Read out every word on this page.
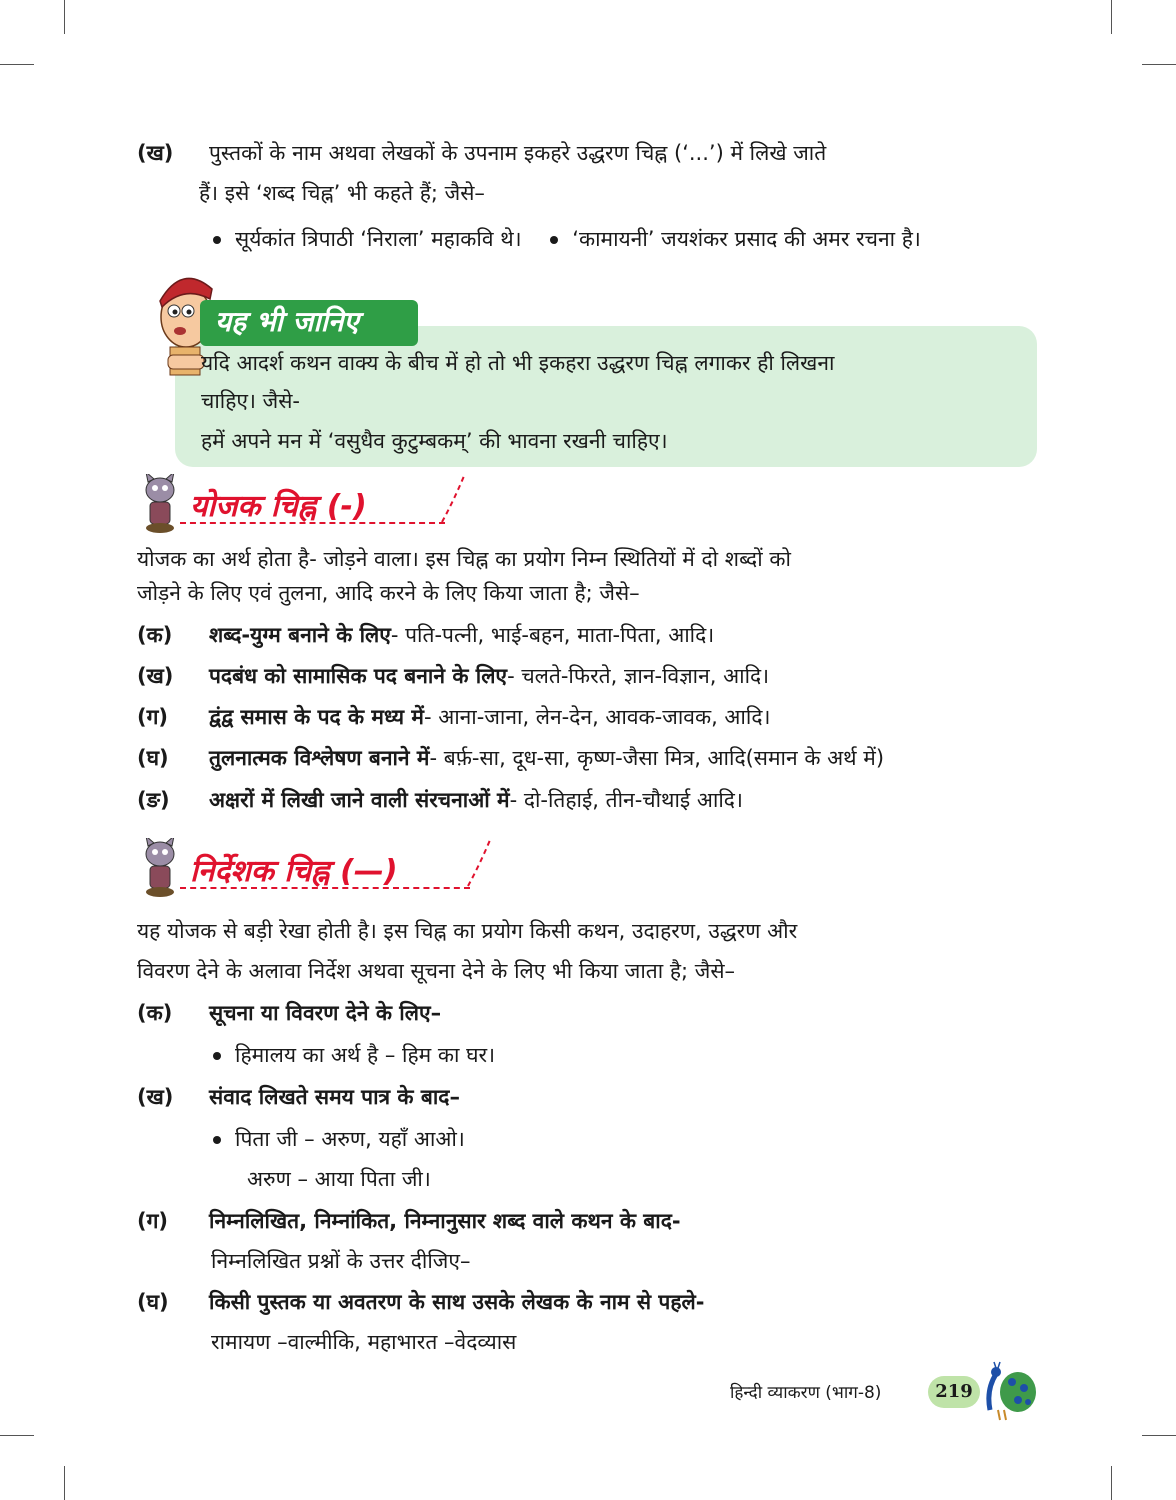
(ख) पुस्तकों के नाम अथवा लेखकों के उपनाम इकहरे उद्धरण चिह्न (‘...’) में लिखे जाते
हैं। इसे ‘शब्द चिह्न’ भी कहते हैं; जैसे–
सूर्यकांत त्रिपाठी ‘निराला’ महाकवि थे। ‘कामायनी’ जयशंकर प्रसाद की अमर रचना है।
यह भी जानिए
यदि आदर्श कथन वाक्य के बीच में हो तो भी इकहरा उद्धरण चिह्न लगाकर ही लिखना
चाहिए। जैसे-
हमें अपने मन में ‘वसुधैव कुटुम्बकम्’ की भावना रखनी चाहिए।
योजक चिह्न (-)
योजक का अर्थ होता है- जोड़ने वाला। इस चिह्न का प्रयोग निम्न स्थितियों में दो शब्दों को
जोड़ने के लिए एवं तुलना, आदि करने के लिए किया जाता है; जैसे–
(क) शब्द-युग्म बनाने के लिए- पति-पत्नी, भाई-बहन, माता-पिता, आदि।
(ख) पदबंध को सामासिक पद बनाने के लिए- चलते-फिरते, ज्ञान-विज्ञान, आदि।
(ग) द्वंद्व समास के पद के मध्य में- आना-जाना, लेन-देन, आवक-जावक, आदि।
(घ) तुलनात्मक विश्लेषण बनाने में- बर्फ़-सा, दूध-सा, कृष्ण-जैसा मित्र, आदि(समान के अर्थ में)
(ङ) अक्षरों में लिखी जाने वाली संरचनाओं में- दो-तिहाई, तीन-चौथाई आदि।
निर्देशक चिह्न (—)
यह योजक से बड़ी रेखा होती है। इस चिह्न का प्रयोग किसी कथन, उदाहरण, उद्धरण और
विवरण देने के अलावा निर्देश अथवा सूचना देने के लिए भी किया जाता है; जैसे–
(क) सूचना या विवरण देने के लिए–
हिमालय का अर्थ है – हिम का घर।
(ख) संवाद लिखते समय पात्र के बाद–
पिता जी – अरुण, यहाँ आओ।
अरुण – आया पिता जी।
(ग) निम्नलिखित, निम्नांकित, निम्नानुसार शब्द वाले कथन के बाद-
निम्नलिखित प्रश्नों के उत्तर दीजिए–
(घ) किसी पुस्तक या अवतरण के साथ उसके लेखक के नाम से पहले-
रामायण –वाल्मीकि, महाभारत –वेदव्यास
हिन्दी व्याकरण (भाग-8)	219
